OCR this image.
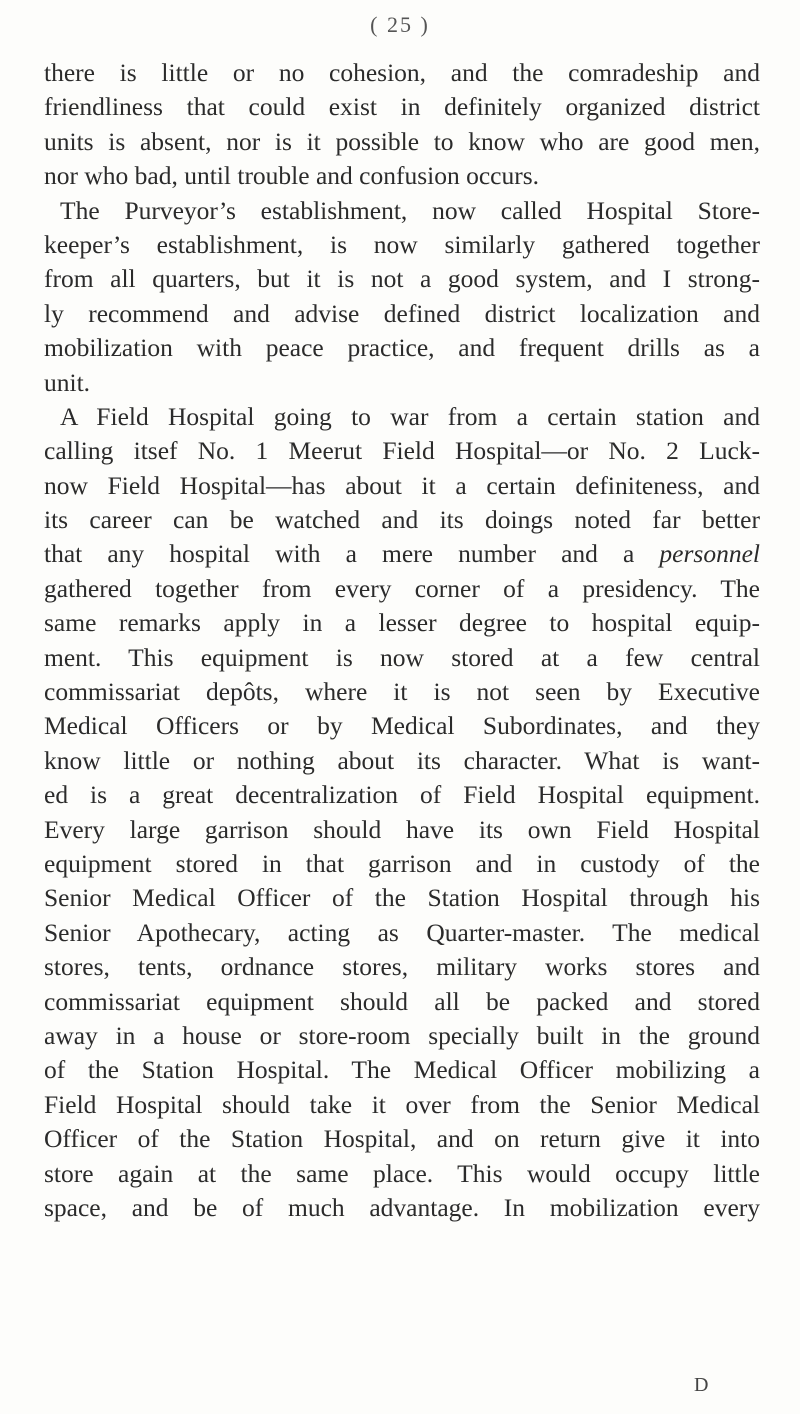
( 25 )
there is little or no cohesion, and the comradeship and
friendliness that could exist in definitely organized district
units is absent, nor is it possible to know who are good men,
nor who bad, until trouble and confusion occurs.
The Purveyor’s establishment, now called Hospital Store-
keeper’s establishment, is now similarly gathered together
from all quarters, but it is not a good system, and I strong-
ly recommend and advise defined district localization and
mobilization with peace practice, and frequent drills as a
unit.
A Field Hospital going to war from a certain station and
calling itsef No. 1 Meerut Field Hospital—or No. 2 Luck-
now Field Hospital—has about it a certain definiteness, and
its career can be watched and its doings noted far better
that any hospital with a mere number and a personnel
gathered together from every corner of a presidency. The
same remarks apply in a lesser degree to hospital equip-
ment. This equipment is now stored at a few central
commissariat depôts, where it is not seen by Executive
Medical Officers or by Medical Subordinates, and they
know little or nothing about its character. What is want-
ed is a great decentralization of Field Hospital equipment.
Every large garrison should have its own Field Hospital
equipment stored in that garrison and in custody of the
Senior Medical Officer of the Station Hospital through his
Senior Apothecary, acting as Quarter-master. The medical
stores, tents, ordnance stores, military works stores and
commissariat equipment should all be packed and stored
away in a house or store-room specially built in the ground
of the Station Hospital. The Medical Officer mobilizing a
Field Hospital should take it over from the Senior Medical
Officer of the Station Hospital, and on return give it into
store again at the same place. This would occupy little
space, and be of much advantage. In mobilization every
D
